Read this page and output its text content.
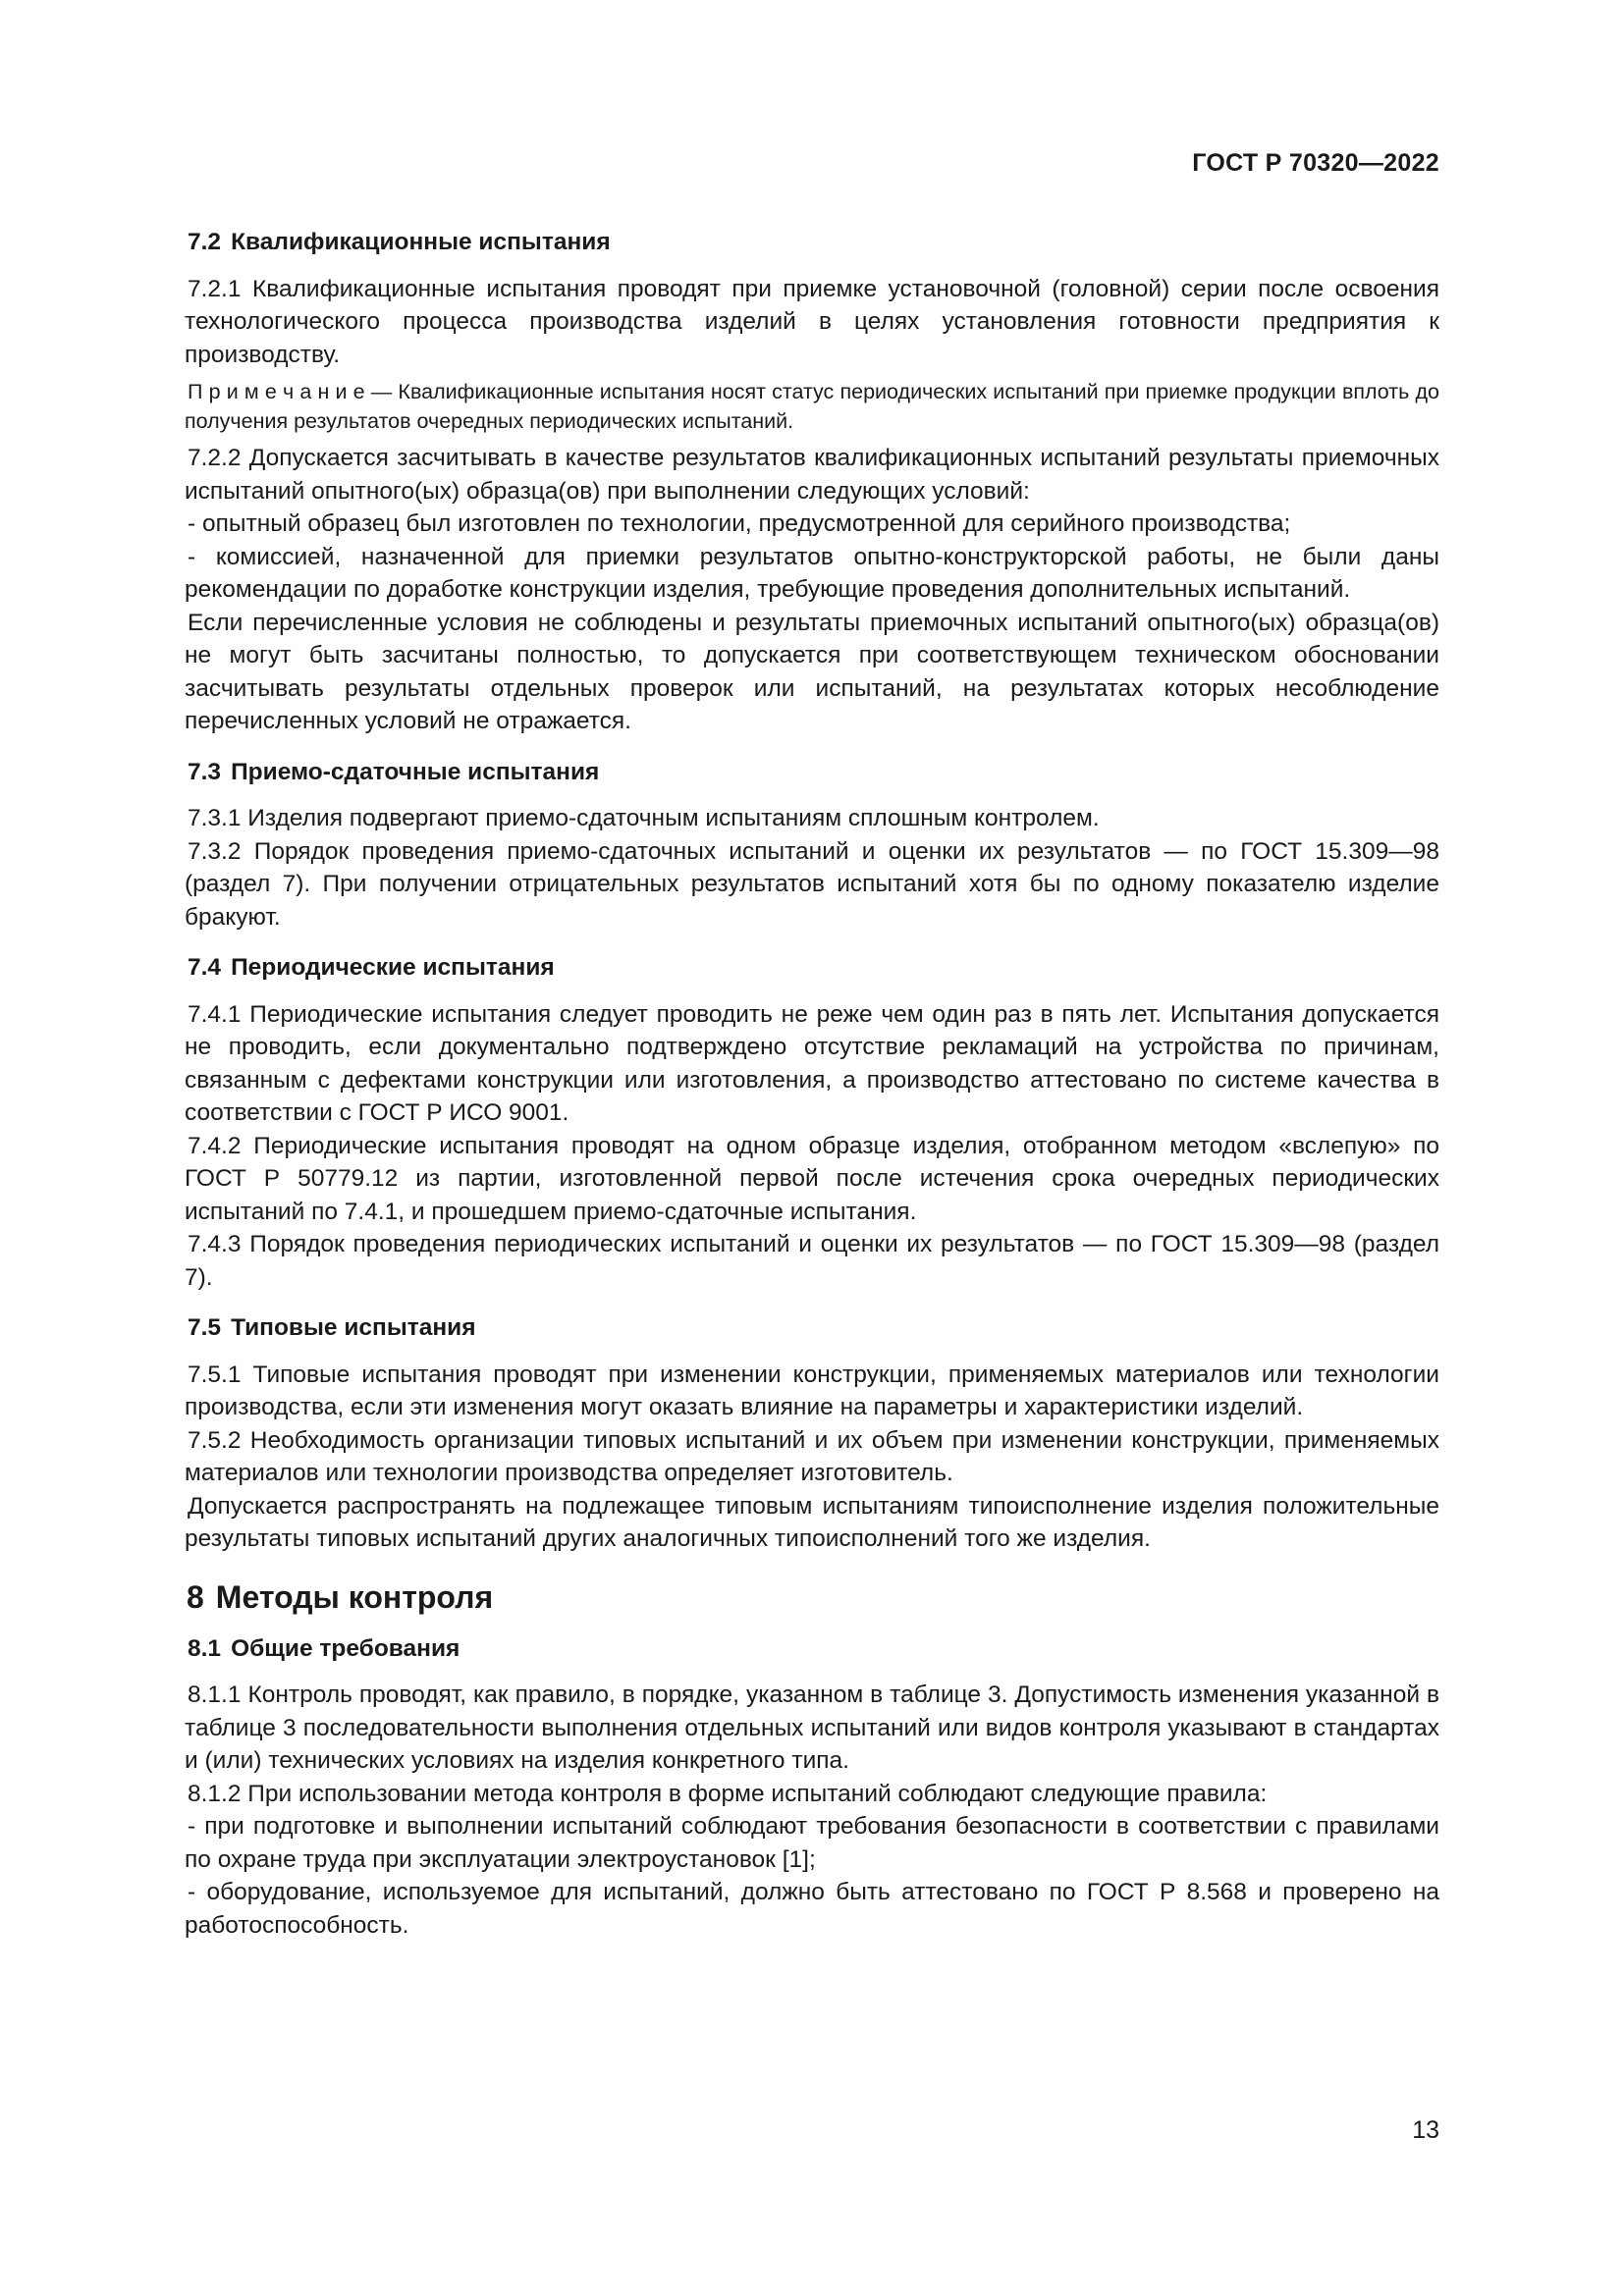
ГОСТ Р 70320—2022
7.2 Квалификационные испытания

7.2.1 Квалификационные испытания проводят при приемке установочной (головной) серии после освоения технологического процесса производства изделий в целях установления готовности предприятия к производству.

П р и м е ч а н и е — Квалификационные испытания носят статус периодических испытаний при приемке продукции вплоть до получения результатов очередных периодических испытаний.

7.2.2 Допускается засчитывать в качестве результатов квалификационных испытаний результаты приемочных испытаний опытного(ых) образца(ов) при выполнении следующих условий:

- опытный образец был изготовлен по технологии, предусмотренной для серийного производства;

- комиссией, назначенной для приемки результатов опытно-конструкторской работы, не были даны рекомендации по доработке конструкции изделия, требующие проведения дополнительных испытаний.

Если перечисленные условия не соблюдены и результаты приемочных испытаний опытного(ых) образца(ов) не могут быть засчитаны полностью, то допускается при соответствующем техническом обосновании засчитывать результаты отдельных проверок или испытаний, на результатах которых несоблюдение перечисленных условий не отражается.

7.3 Приемо-сдаточные испытания

7.3.1 Изделия подвергают приемо-сдаточным испытаниям сплошным контролем.

7.3.2 Порядок проведения приемо-сдаточных испытаний и оценки их результатов — по ГОСТ 15.309—98 (раздел 7). При получении отрицательных результатов испытаний хотя бы по одному показателю изделие бракуют.

7.4 Периодические испытания

7.4.1 Периодические испытания следует проводить не реже чем один раз в пять лет. Испытания допускается не проводить, если документально подтверждено отсутствие рекламаций на устройства по причинам, связанным с дефектами конструкции или изготовления, а производство аттестовано по системе качества в соответствии с ГОСТ Р ИСО 9001.

7.4.2 Периодические испытания проводят на одном образце изделия, отобранном методом «вслепую» по ГОСТ Р 50779.12 из партии, изготовленной первой после истечения срока очередных периодических испытаний по 7.4.1, и прошедшем приемо-сдаточные испытания.

7.4.3 Порядок проведения периодических испытаний и оценки их результатов — по ГОСТ 15.309—98 (раздел 7).

7.5 Типовые испытания

7.5.1 Типовые испытания проводят при изменении конструкции, применяемых материалов или технологии производства, если эти изменения могут оказать влияние на параметры и характеристики изделий.

7.5.2 Необходимость организации типовых испытаний и их объем при изменении конструкции, применяемых материалов или технологии производства определяет изготовитель.

Допускается распространять на подлежащее типовым испытаниям типоисполнение изделия положительные результаты типовых испытаний других аналогичных типоисполнений того же изделия.

8 Методы контроля
8.1 Общие требования

8.1.1 Контроль проводят, как правило, в порядке, указанном в таблице 3. Допустимость изменения указанной в таблице 3 последовательности выполнения отдельных испытаний или видов контроля указывают в стандартах и (или) технических условиях на изделия конкретного типа.

8.1.2 При использовании метода контроля в форме испытаний соблюдают следующие правила:

- при подготовке и выполнении испытаний соблюдают требования безопасности в соответствии с правилами по охране труда при эксплуатации электроустановок [1];

- оборудование, используемое для испытаний, должно быть аттестовано по ГОСТ Р 8.568 и проверено на работоспособность.

13
